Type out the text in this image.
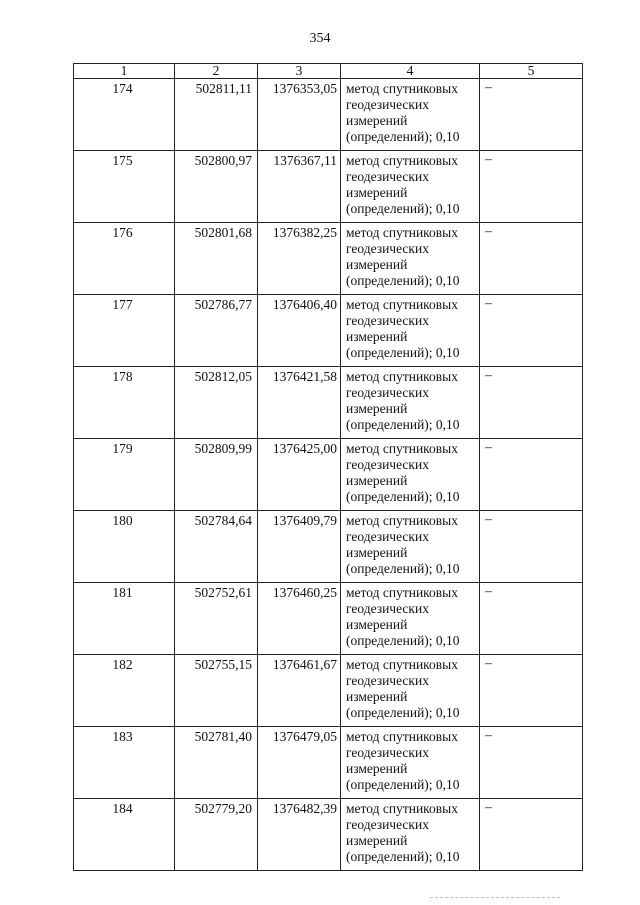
354
1	2	3	4	5
174	502811,11	1376353,05	метод спутниковых геодезических измерений (определений); 0,10	–
175	502800,97	1376367,11	метод спутниковых геодезических измерений (определений); 0,10	–
176	502801,68	1376382,25	метод спутниковых геодезических измерений (определений); 0,10	–
177	502786,77	1376406,40	метод спутниковых геодезических измерений (определений); 0,10	–
178	502812,05	1376421,58	метод спутниковых геодезических измерений (определений); 0,10	–
179	502809,99	1376425,00	метод спутниковых геодезических измерений (определений); 0,10	–
180	502784,64	1376409,79	метод спутниковых геодезических измерений (определений); 0,10	–
181	502752,61	1376460,25	метод спутниковых геодезических измерений (определений); 0,10	–
182	502755,15	1376461,67	метод спутниковых геодезических измерений (определений); 0,10	–
183	502781,40	1376479,05	метод спутниковых геодезических измерений (определений); 0,10	–
184	502779,20	1376482,39	метод спутниковых геодезических измерений (определений); 0,10	–
